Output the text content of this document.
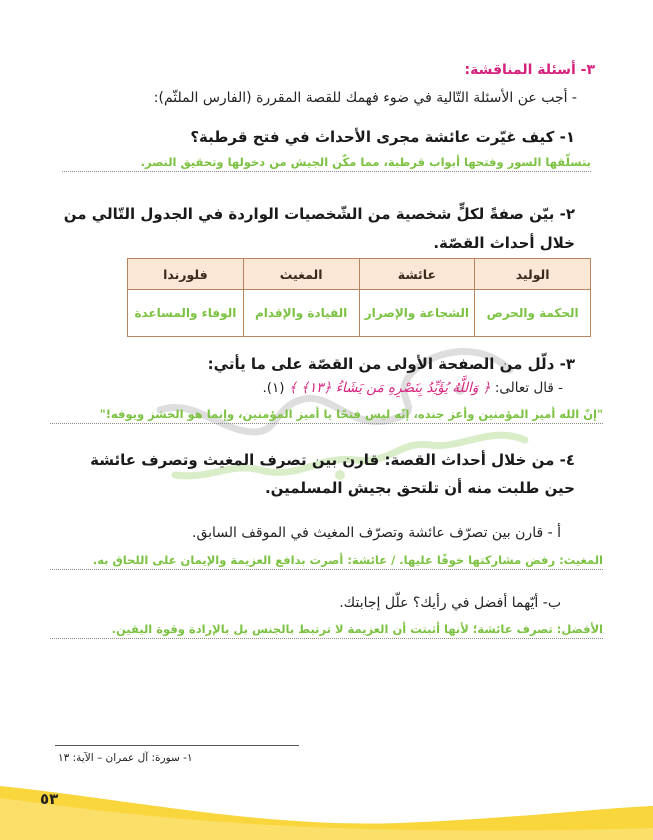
٣- أسئلة المناقشة:
- أجب عن الأسئلة التّالية في ضوء فهمك للقصة المقررة (الفارس الملثّم):
١- كيف غيّرت عائشة مجرى الأحداث في فتح قرطبة؟
بتسلّقها السور وفتحها أبواب قرطبة، مما مكّن الجيش من دخولها وتحقيق النصر.
٢- بيّن صفةً لكلٍّ شخصية من الشّخصيات الواردة في الجدول التّالي من خلال أحداث القصّة.
الوليد	عائشة	المغيث	فلورندا
الحكمة والحرص	الشجاعة والإصرار	القيادة والإقدام	الوفاء والمساعدة
٣- دلّل من الصفحة الأولى من القصّة على ما يأتي:
- قال تعالى: ﴿ وَاللَّهُ يُؤَيِّدُ بِنَصْرِهِ مَن يَشَاءُ ﴿١٣﴾ ﴾ (١).
"إنّ الله أميز المؤمنين وأعز جنده، إنّه ليس فتحًا يا أميز المؤمنين، وإنما هو الخشز ويوفه!"
٤- من خلال أحداث القصة: قارن بين تصرف المغيث وتصرف عائشة حين طلبت منه أن تلتحق بجيش المسلمين.
أ - قارن بين تصرّف عائشة وتصرّف المغيث في الموقف السابق.
المغيث: رفض مشاركتها خوفًا عليها. / عائشة: أصرت بدافع العزيمة والإيمان على اللحاق به.
ب- أيّهما أفضل في رأيك؟ علّل إجابتك.
الأفضل: تصرف عائشة؛ لأنها أثبتت أن العزيمة لا ترتبط بالجنس بل بالإرادة وقوة اليقين.
١- سورة: آل عمران – الآية: ١٣
٥٣
